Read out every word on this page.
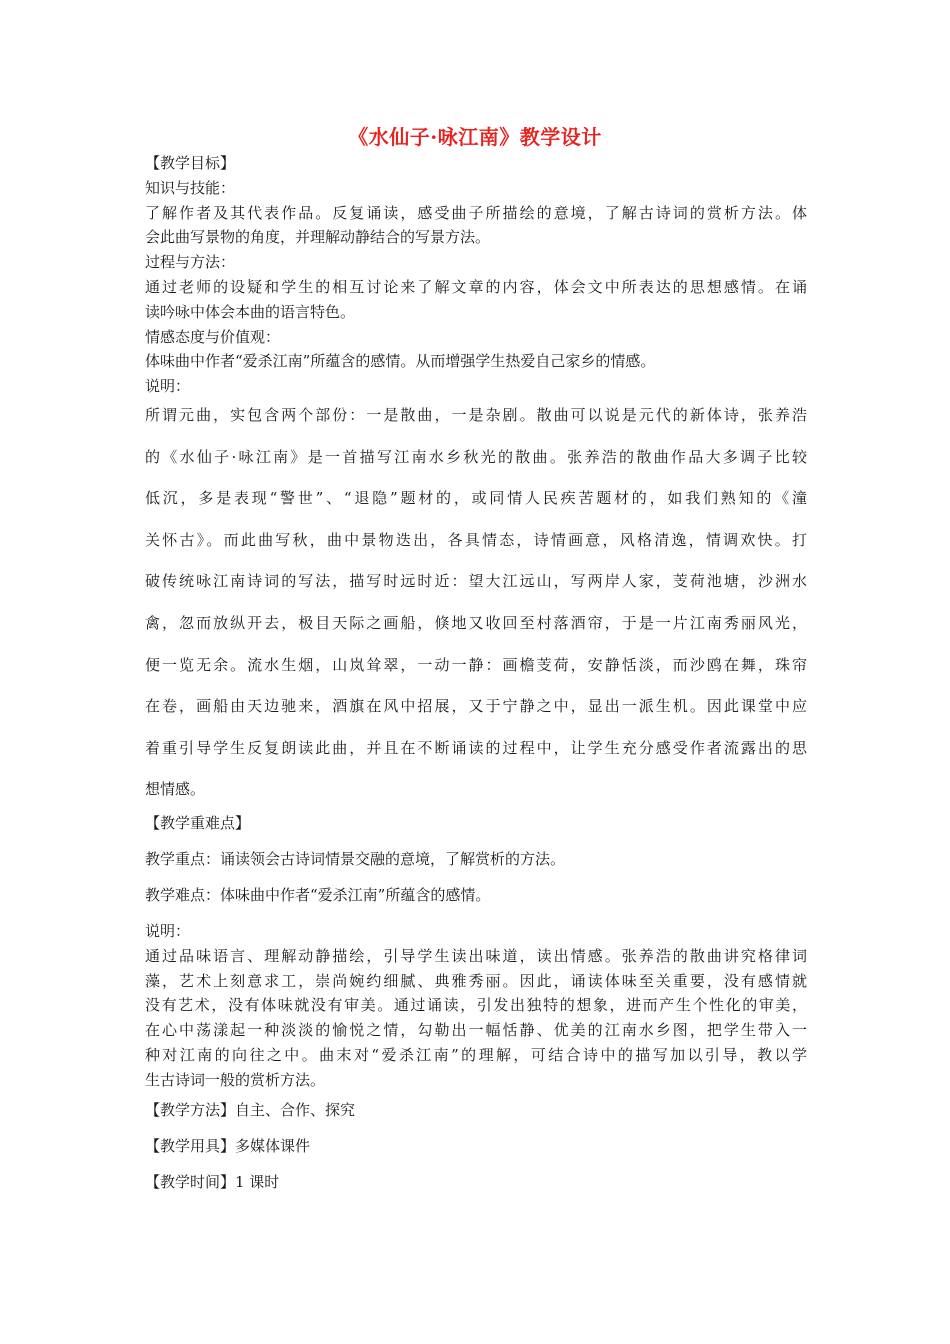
《水仙子·咏江南》教学设计
【教学目标】
知识与技能：
了解作者及其代表作品。反复诵读，感受曲子所描绘的意境，了解古诗词的赏析方法。体
会此曲写景物的角度，并理解动静结合的写景方法。
过程与方法：
通过老师的设疑和学生的相互讨论来了解文章的内容，体会文中所表达的思想感情。在诵
读吟咏中体会本曲的语言特色。
情感态度与价值观：
体味曲中作者“爱杀江南”所蕴含的感情。从而增强学生热爱自己家乡的情感。
说明：
所谓元曲，实包含两个部份：一是散曲，一是杂剧。散曲可以说是元代的新体诗，张养浩
的《水仙子·咏江南》是一首描写江南水乡秋光的散曲。张养浩的散曲作品大多调子比较
低沉，多是表现“警世”、“退隐”题材的，或同情人民疾苦题材的，如我们熟知的《潼
关怀古》。而此曲写秋，曲中景物迭出，各具情态，诗情画意，风格清逸，情调欢快。打
破传统咏江南诗词的写法，描写时远时近：望大江远山，写两岸人家，芰荷池塘，沙洲水
禽，忽而放纵开去，极目天际之画船，倏地又收回至村落酒帘，于是一片江南秀丽风光，
便一览无余。流水生烟，山岚耸翠，一动一静：画檐芰荷，安静恬淡，而沙鸥在舞，珠帘
在卷，画船由天边驰来，酒旗在风中招展，又于宁静之中，显出一派生机。因此课堂中应
着重引导学生反复朗读此曲，并且在不断诵读的过程中，让学生充分感受作者流露出的思
想情感。
【教学重难点】
教学重点：诵读领会古诗词情景交融的意境，了解赏析的方法。
教学难点：体味曲中作者“爱杀江南”所蕴含的感情。
说明：
通过品味语言、理解动静描绘，引导学生读出味道，读出情感。张养浩的散曲讲究格律词
藻，艺术上刻意求工，崇尚婉约细腻、典雅秀丽。因此，诵读体味至关重要，没有感情就
没有艺术，没有体味就没有审美。通过诵读，引发出独特的想象，进而产生个性化的审美，
在心中荡漾起一种淡淡的愉悦之情，勾勒出一幅恬静、优美的江南水乡图，把学生带入一
种对江南的向往之中。曲末对“爱杀江南”的理解，可结合诗中的描写加以引导，教以学
生古诗词一般的赏析方法。
【教学方法】自主、合作、探究
【教学用具】多媒体课件
【教学时间】1 课时
